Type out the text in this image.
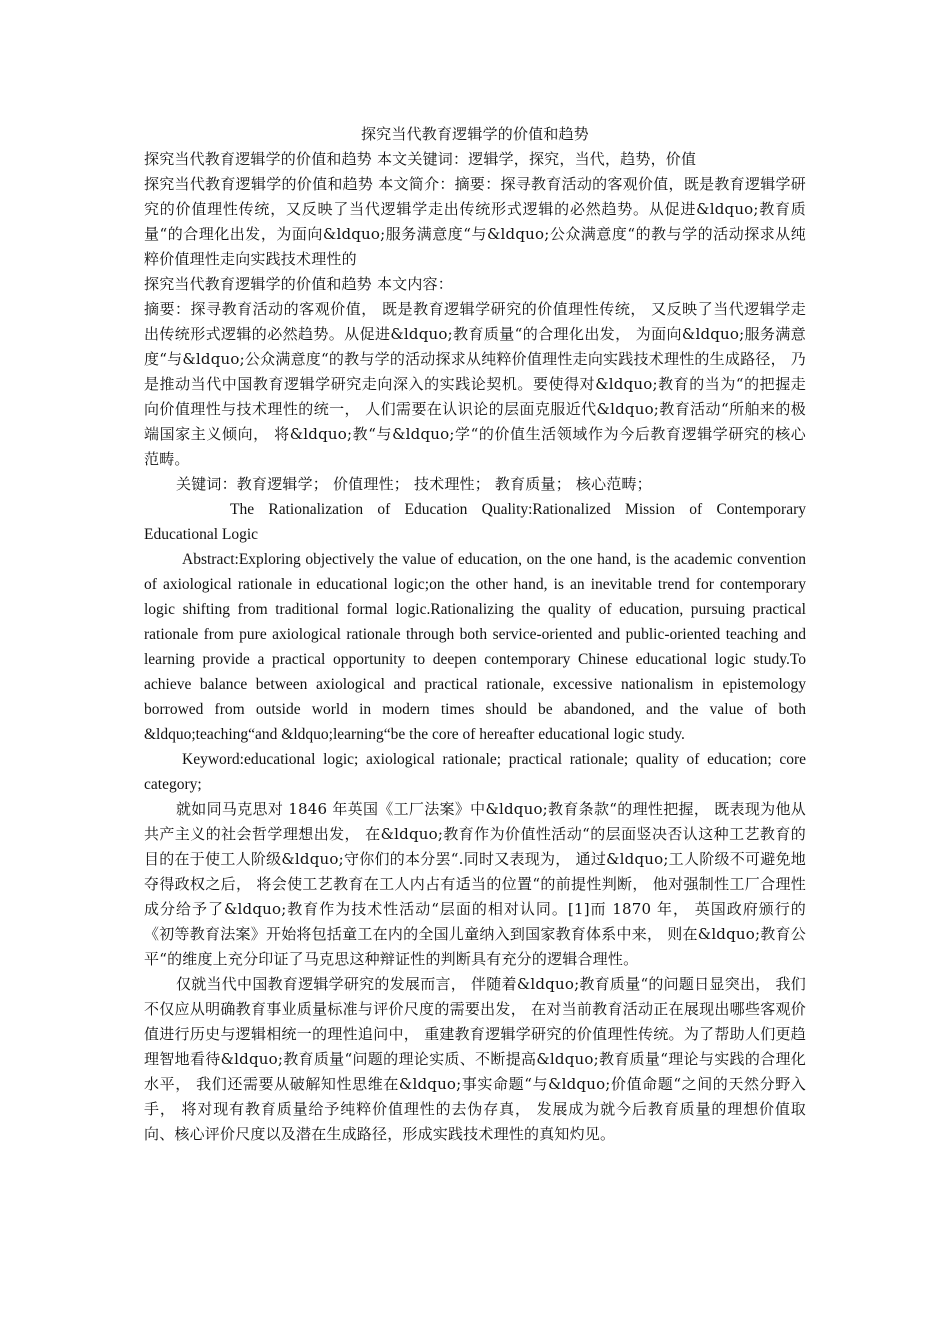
探究当代教育逻辑学的价值和趋势

探究当代教育逻辑学的价值和趋势 本文关键词：逻辑学，探究，当代，趋势，价值

探究当代教育逻辑学的价值和趋势 本文简介：摘要：探寻教育活动的客观价值，既是教育逻辑学研究的价值理性传统，又反映了当代逻辑学走出传统形式逻辑的必然趋势。从促进&ldquo;教育质量“的合理化出发，为面向&ldquo;服务满意度“与&ldquo;公众满意度“的教与学的活动探求从纯粹价值理性走向实践技术理性的

探究当代教育逻辑学的价值和趋势 本文内容：

摘要：探寻教育活动的客观价值， 既是教育逻辑学研究的价值理性传统， 又反映了当代逻辑学走出传统形式逻辑的必然趋势。从促进&ldquo;教育质量“的合理化出发， 为面向&ldquo;服务满意度“与&ldquo;公众满意度“的教与学的活动探求从纯粹价值理性走向实践技术理性的生成路径， 乃是推动当代中国教育逻辑学研究走向深入的实践论契机。要使得对&ldquo;教育的当为“的把握走向价值理性与技术理性的统一， 人们需要在认识论的层面克服近代&ldquo;教育活动“所舶来的极端国家主义倾向， 将&ldquo;教“与&ldquo;学“的价值生活领域作为今后教育逻辑学研究的核心范畴。

关键词：教育逻辑学； 价值理性； 技术理性； 教育质量； 核心范畴；

The Rationalization of Education Quality:Rationalized Mission of Contemporary Educational Logic

Abstract:Exploring objectively the value of education, on the one hand, is the academic convention of axiological rationale in educational logic;on the other hand, is an inevitable trend for contemporary logic shifting from traditional formal logic.Rationalizing the quality of education, pursuing practical rationale from pure axiological rationale through both service-oriented and public-oriented teaching and learning provide a practical opportunity to deepen contemporary Chinese educational logic study.To achieve balance between axiological and practical rationale, excessive nationalism in epistemology borrowed from outside world in modern times should be abandoned, and the value of both &ldquo;teaching“and &ldquo;learning“be the core of hereafter educational logic study.

Keyword:educational logic; axiological rationale; practical rationale; quality of education; core category;

就如同马克思对 1846 年英国《工厂法案》中&ldquo;教育条款“的理性把握， 既表现为他从共产主义的社会哲学理想出发， 在&ldquo;教育作为价值性活动“的层面竖决否认这种工艺教育的目的在于使工人阶级&ldquo;守你们的本分罢“.同时又表现为， 通过&ldquo;工人阶级不可避免地夺得政权之后， 将会使工艺教育在工人内占有适当的位置“的前提性判断， 他对强制性工厂合理性成分给予了&ldquo;教育作为技术性活动“层面的相对认同。[1]而 1870 年， 英国政府颁行的《初等教育法案》开始将包括童工在内的全国儿童纳入到国家教育体系中来， 则在&ldquo;教育公平“的维度上充分印证了马克思这种辩证性的判断具有充分的逻辑合理性。

仅就当代中国教育逻辑学研究的发展而言， 伴随着&ldquo;教育质量“的问题日显突出， 我们不仅应从明确教育事业质量标准与评价尺度的需要出发， 在对当前教育活动正在展现出哪些客观价值进行历史与逻辑相统一的理性追问中， 重建教育逻辑学研究的价值理性传统。为了帮助人们更趋理智地看待&ldquo;教育质量“问题的理论实质、不断提高&ldquo;教育质量“理论与实践的合理化水平， 我们还需要从破解知性思维在&ldquo;事实命题“与&ldquo;价值命题“之间的天然分野入手， 将对现有教育质量给予纯粹价值理性的去伪存真， 发展成为就今后教育质量的理想价值取向、核心评价尺度以及潜在生成路径，形成实践技术理性的真知灼见。
